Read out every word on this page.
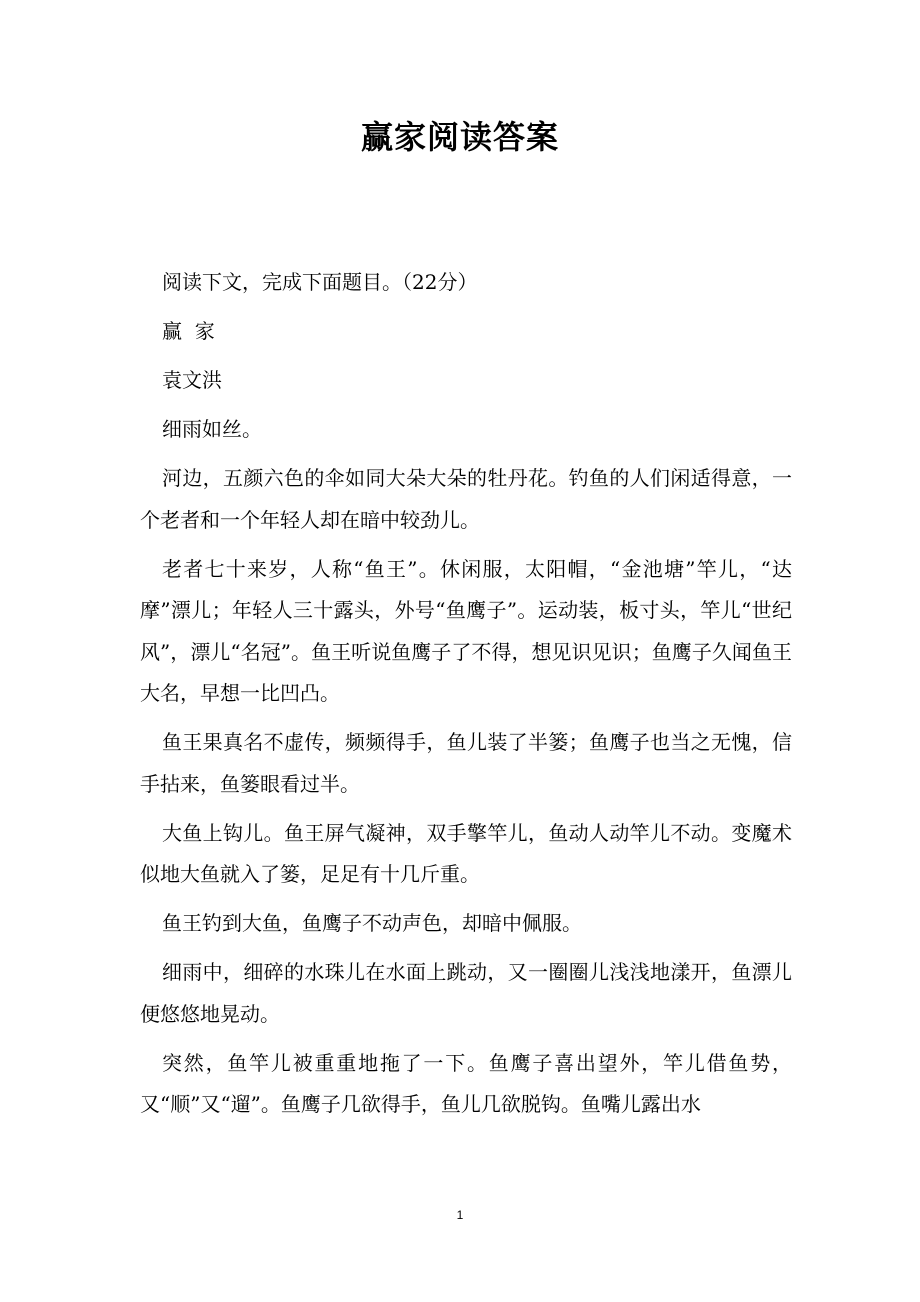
赢家阅读答案

阅读下文，完成下面题目。（22分）

赢  家

袁文洪

细雨如丝。

河边，五颜六色的伞如同大朵大朵的牡丹花。钓鱼的人们闲适得意，一个老者和一个年轻人却在暗中较劲儿。

老者七十来岁，人称“鱼王”。休闲服，太阳帽，“金池塘”竿儿，“达摩”漂儿；年轻人三十露头，外号“鱼鹰子”。运动装，板寸头，竿儿“世纪风”，漂儿“名冠”。鱼王听说鱼鹰子了不得，想见识见识；鱼鹰子久闻鱼王大名，早想一比凹凸。

鱼王果真名不虚传，频频得手，鱼儿装了半篓；鱼鹰子也当之无愧，信手拈来，鱼篓眼看过半。

大鱼上钩儿。鱼王屏气凝神，双手擎竿儿，鱼动人动竿儿不动。变魔术似地大鱼就入了篓，足足有十几斤重。

鱼王钓到大鱼，鱼鹰子不动声色，却暗中佩服。

细雨中，细碎的水珠儿在水面上跳动，又一圈圈儿浅浅地漾开，鱼漂儿便悠悠地晃动。

突然，鱼竿儿被重重地拖了一下。鱼鹰子喜出望外，竿儿借鱼势，又“顺”又“遛”。鱼鹰子几欲得手，鱼儿几欲脱钩。鱼嘴儿露出水

1
